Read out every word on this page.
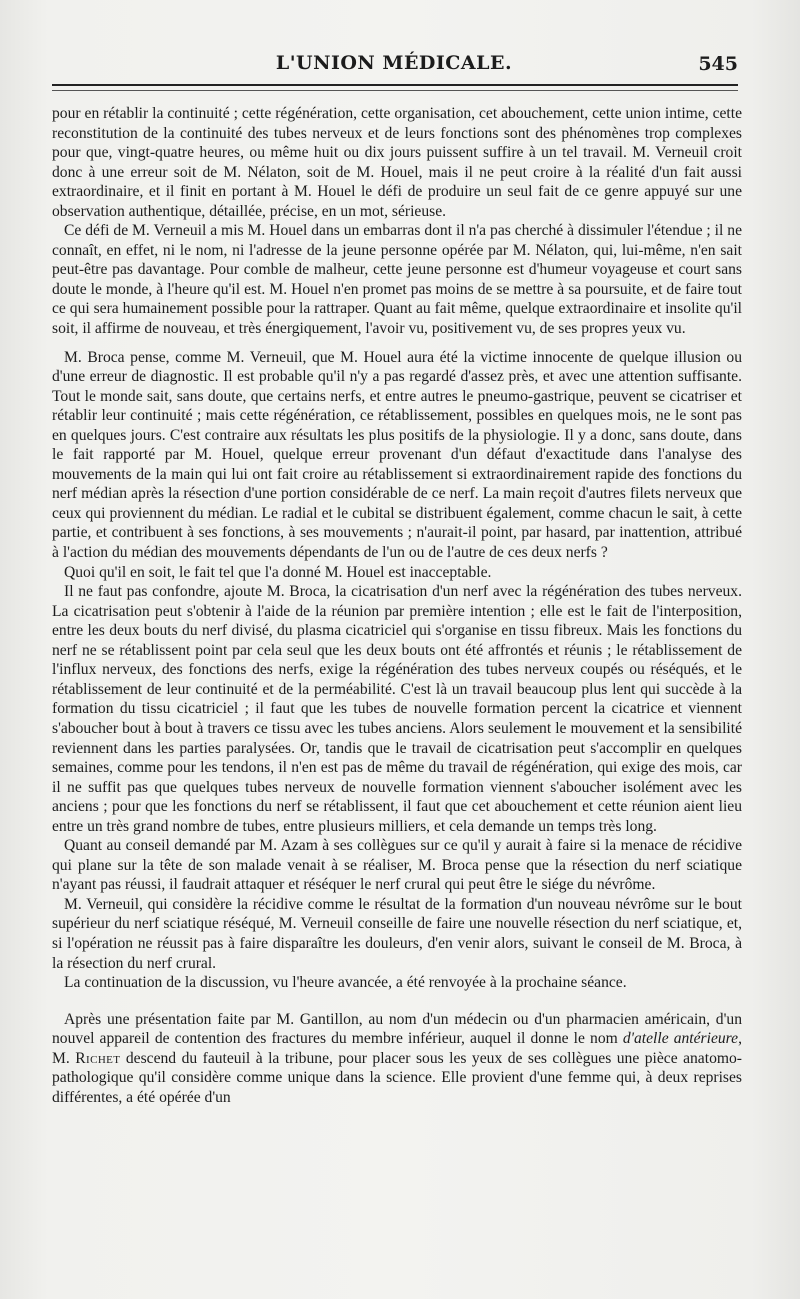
L'UNION MÉDICALE.	545

pour en rétablir la continuité ; cette régénération, cette organisation, cet abouchement, cette union intime, cette reconstitution de la continuité des tubes nerveux et de leurs fonctions sont des phénomènes trop complexes pour que, vingt-quatre heures, ou même huit ou dix jours puissent suffire à un tel travail. M. Verneuil croit donc à une erreur soit de M. Nélaton, soit de M. Houel, mais il ne peut croire à la réalité d'un fait aussi extraordinaire, et il finit en portant à M. Houel le défi de produire un seul fait de ce genre appuyé sur une observation authentique, détaillée, précise, en un mot, sérieuse.

Ce défi de M. Verneuil a mis M. Houel dans un embarras dont il n'a pas cherché à dissimuler l'étendue ; il ne connaît, en effet, ni le nom, ni l'adresse de la jeune personne opérée par M. Nélaton, qui, lui-même, n'en sait peut-être pas davantage. Pour comble de malheur, cette jeune personne est d'humeur voyageuse et court sans doute le monde, à l'heure qu'il est. M. Houel n'en promet pas moins de se mettre à sa poursuite, et de faire tout ce qui sera humainement possible pour la rattraper. Quant au fait même, quelque extraordinaire et insolite qu'il soit, il affirme de nouveau, et très énergiquement, l'avoir vu, positivement vu, de ses propres yeux vu.

M. Broca pense, comme M. Verneuil, que M. Houel aura été la victime innocente de quelque illusion ou d'une erreur de diagnostic. Il est probable qu'il n'y a pas regardé d'assez près, et avec une attention suffisante. Tout le monde sait, sans doute, que certains nerfs, et entre autres le pneumo-gastrique, peuvent se cicatriser et rétablir leur continuité ; mais cette régénération, ce rétablissement, possibles en quelques mois, ne le sont pas en quelques jours. C'est contraire aux résultats les plus positifs de la physiologie. Il y a donc, sans doute, dans le fait rapporté par M. Houel, quelque erreur provenant d'un défaut d'exactitude dans l'analyse des mouvements de la main qui lui ont fait croire au rétablissement si extraordinairement rapide des fonctions du nerf médian après la résection d'une portion considérable de ce nerf. La main reçoit d'autres filets nerveux que ceux qui proviennent du médian. Le radial et le cubital se distribuent également, comme chacun le sait, à cette partie, et contribuent à ses fonctions, à ses mouvements ; n'aurait-il point, par hasard, par inattention, attribué à l'action du médian des mouvements dépendants de l'un ou de l'autre de ces deux nerfs ?

Quoi qu'il en soit, le fait tel que l'a donné M. Houel est inacceptable.

Il ne faut pas confondre, ajoute M. Broca, la cicatrisation d'un nerf avec la régénération des tubes nerveux. La cicatrisation peut s'obtenir à l'aide de la réunion par première intention ; elle est le fait de l'interposition, entre les deux bouts du nerf divisé, du plasma cicatriciel qui s'organise en tissu fibreux. Mais les fonctions du nerf ne se rétablissent point par cela seul que les deux bouts ont été affrontés et réunis ; le rétablissement de l'influx nerveux, des fonctions des nerfs, exige la régénération des tubes nerveux coupés ou réséqués, et le rétablissement de leur continuité et de la perméabilité. C'est là un travail beaucoup plus lent qui succède à la formation du tissu cicatriciel ; il faut que les tubes de nouvelle formation percent la cicatrice et viennent s'aboucher bout à bout à travers ce tissu avec les tubes anciens. Alors seulement le mouvement et la sensibilité reviennent dans les parties paralysées. Or, tandis que le travail de cicatrisation peut s'accomplir en quelques semaines, comme pour les tendons, il n'en est pas de même du travail de régénération, qui exige des mois, car il ne suffit pas que quelques tubes nerveux de nouvelle formation viennent s'aboucher isolément avec les anciens ; pour que les fonctions du nerf se rétablissent, il faut que cet abouchement et cette réunion aient lieu entre un très grand nombre de tubes, entre plusieurs milliers, et cela demande un temps très long.

Quant au conseil demandé par M. Azam à ses collègues sur ce qu'il y aurait à faire si la menace de récidive qui plane sur la tête de son malade venait à se réaliser, M. Broca pense que la résection du nerf sciatique n'ayant pas réussi, il faudrait attaquer et réséquer le nerf crural qui peut être le siége du névrôme.

M. Verneuil, qui considère la récidive comme le résultat de la formation d'un nouveau névrôme sur le bout supérieur du nerf sciatique réséqué, M. Verneuil conseille de faire une nouvelle résection du nerf sciatique, et, si l'opération ne réussit pas à faire disparaître les douleurs, d'en venir alors, suivant le conseil de M. Broca, à la résection du nerf crural.

La continuation de la discussion, vu l'heure avancée, a été renvoyée à la prochaine séance.

Après une présentation faite par M. Gantillon, au nom d'un médecin ou d'un pharmacien américain, d'un nouvel appareil de contention des fractures du membre inférieur, auquel il donne le nom d'atelle antérieure, M. Richet descend du fauteuil à la tribune, pour placer sous les yeux de ses collègues une pièce anatomo-pathologique qu'il considère comme unique dans la science. Elle provient d'une femme qui, à deux reprises différentes, a été opérée d'un
